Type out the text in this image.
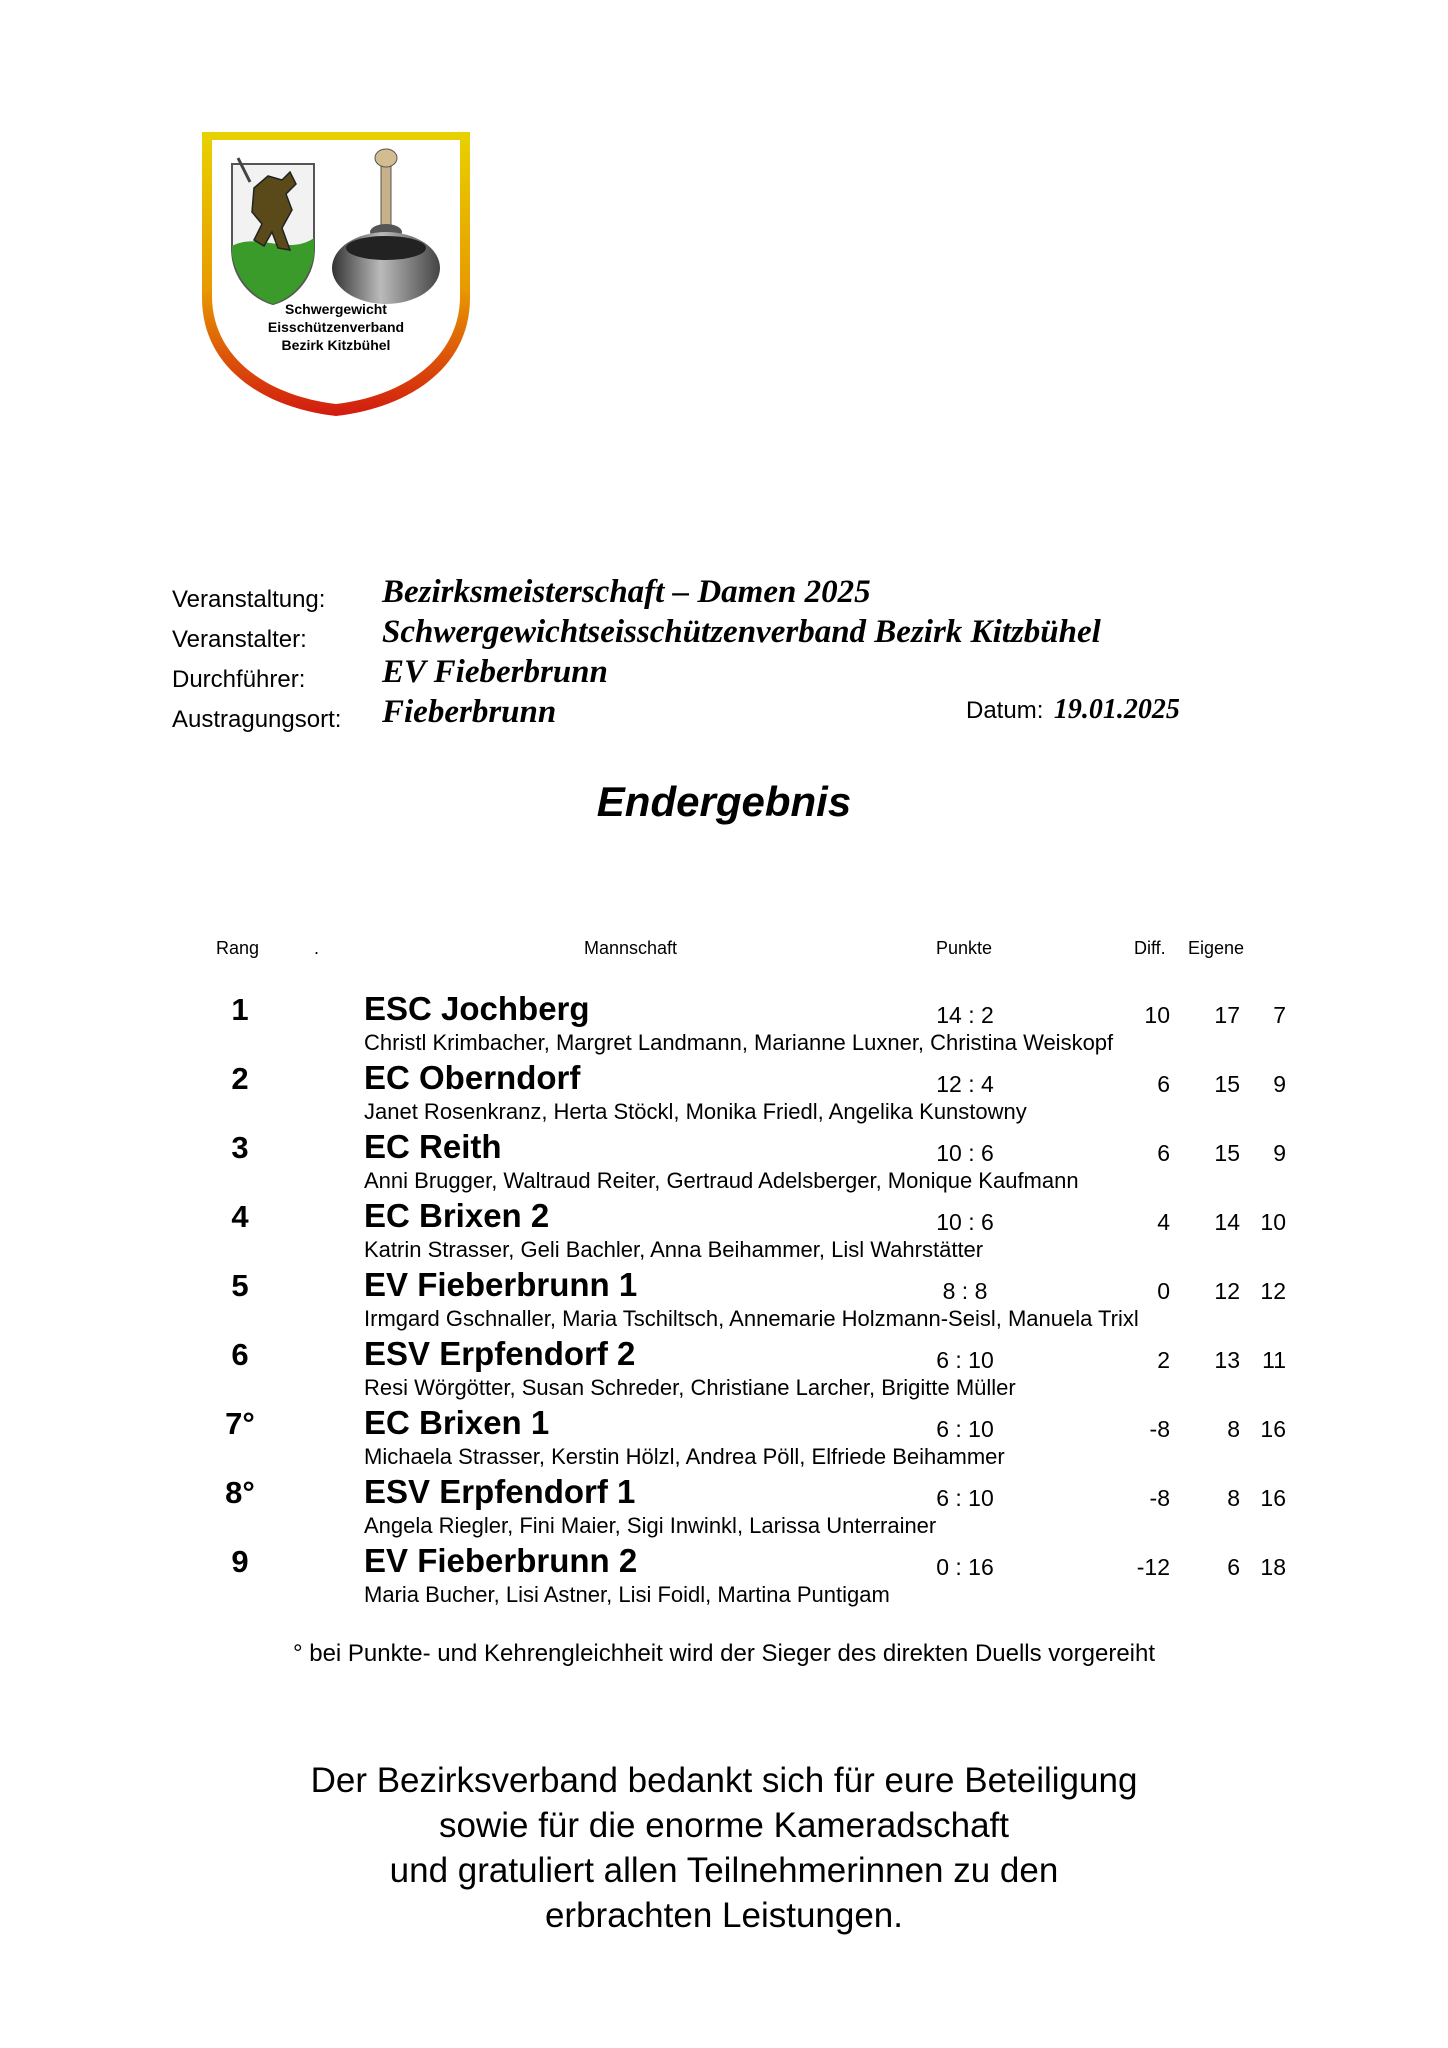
Schwergewicht
Eisschützenverband
Bezirk Kitzbühel
Veranstaltung: Bezirksmeisterschaft – Damen 2025
Veranstalter: Schwergewichtseisschützenverband Bezirk Kitzbühel
Durchführer: EV Fieberbrunn
Austragungsort: Fieberbrunn	Datum: 19.01.2025
Endergebnis
Rang	.	Mannschaft	Punkte	Diff. Eigene
1	ESC Jochberg
Christl Krimbacher, Margret Landmann, Marianne Luxner, Christina Weiskopf
14 : 2	10	17	7
2	EC Oberndorf
Janet Rosenkranz, Herta Stöckl, Monika Friedl, Angelika Kunstowny
12 : 4	6	15	9
3	EC Reith
Anni Brugger, Waltraud Reiter, Gertraud Adelsberger, Monique Kaufmann
10 : 6	6	15	9
4	EC Brixen 2
Katrin Strasser, Geli Bachler, Anna Beihammer, Lisl Wahrstätter
10 : 6	4	14 10
5	EV Fieberbrunn 1
Irmgard Gschnaller, Maria Tschiltsch, Annemarie Holzmann-Seisl, Manuela Trixl
8 : 8	0	12 12
6	ESV Erpfendorf 2
Resi Wörgötter, Susan Schreder, Christiane Larcher, Brigitte Müller
6 : 10	2	13 11
7°	EC Brixen 1
Michaela Strasser, Kerstin Hölzl, Andrea Pöll, Elfriede Beihammer
6 : 10	-8	8 16
8°	ESV Erpfendorf 1
Angela Riegler, Fini Maier, Sigi Inwinkl, Larissa Unterrainer
6 : 10	-8	8 16
9	EV Fieberbrunn 2
Maria Bucher, Lisi Astner, Lisi Foidl, Martina Puntigam
0 : 16	-12	6 18
° bei Punkte- und Kehrengleichheit wird der Sieger des direkten Duells vorgereiht
Der Bezirksverband bedankt sich für eure Beteiligung
sowie für die enorme Kameradschaft
und gratuliert allen Teilnehmerinnen zu den
erbrachten Leistungen.
